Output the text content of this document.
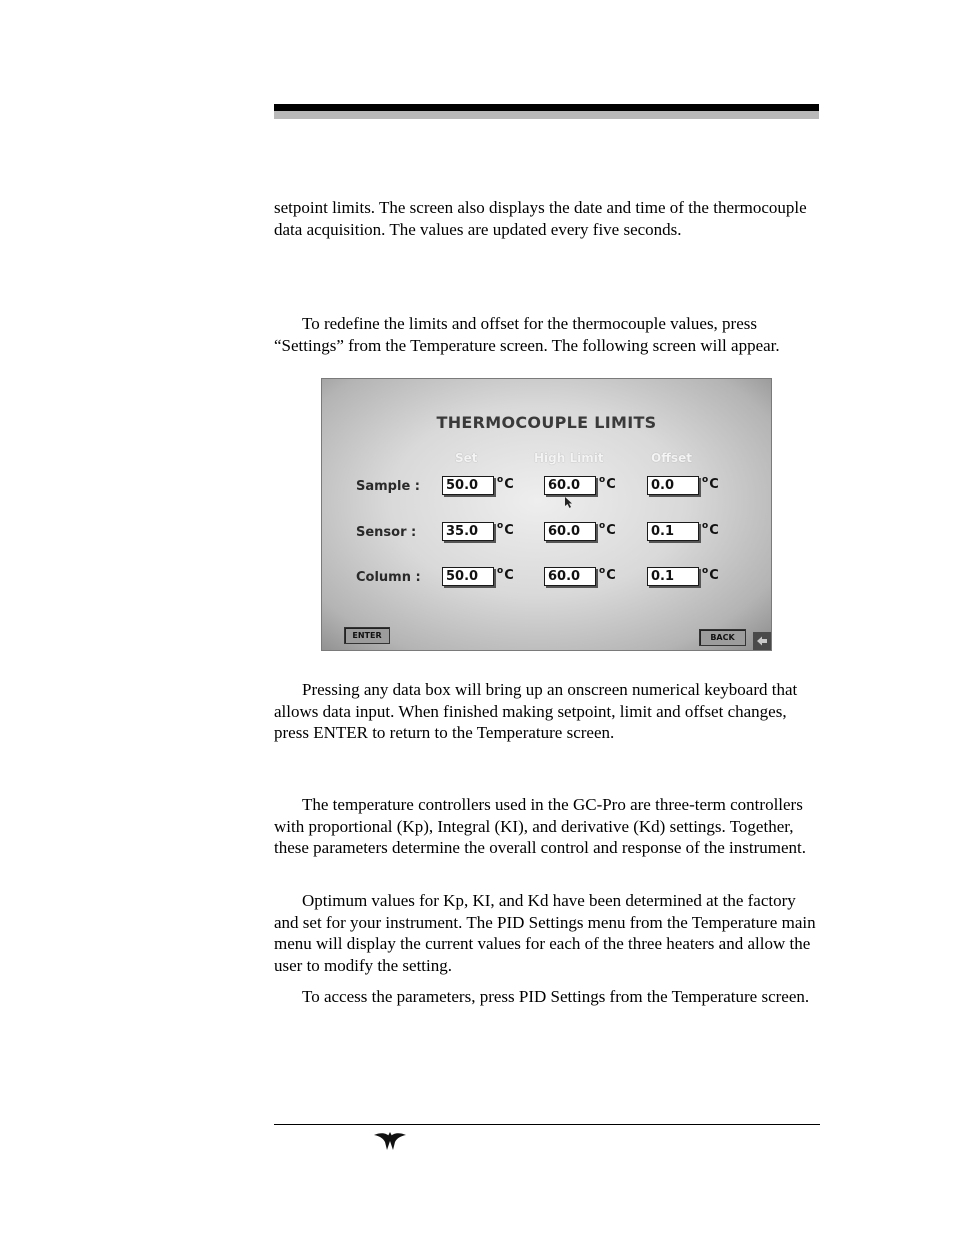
setpoint limits. The screen also displays the date and time of the thermocouple data acquisition. The values are updated every five seconds.

To redefine the limits and offset for the thermocouple values, press “Settings” from the Temperature screen. The following screen will appear.

THERMOCOUPLE LIMITS
Set	High Limit	Offset
Sample :	50.0	$^o$C	60.0	$^o$C	0.0	$^o$C
Sensor :	35.0	$^o$C	60.0	$^o$C	0.1	$^o$C
Column :	50.0	$^o$C	60.0	$^o$C	0.1	$^o$C
ENTER	BACK

Pressing any data box will bring up an onscreen numerical keyboard that allows data input. When finished making setpoint, limit and offset changes, press ENTER to return to the Temperature screen.

The temperature controllers used in the GC-Pro are three-term controllers with proportional (Kp), Integral (KI), and derivative (Kd) settings. Together, these parameters determine the overall control and response of the instrument.

Optimum values for Kp, KI, and Kd have been determined at the factory and set for your instrument. The PID Settings menu from the Temperature main menu will display the current values for each of the three heaters and allow the user to modify the setting.

To access the parameters, press PID Settings from the Temperature screen.
